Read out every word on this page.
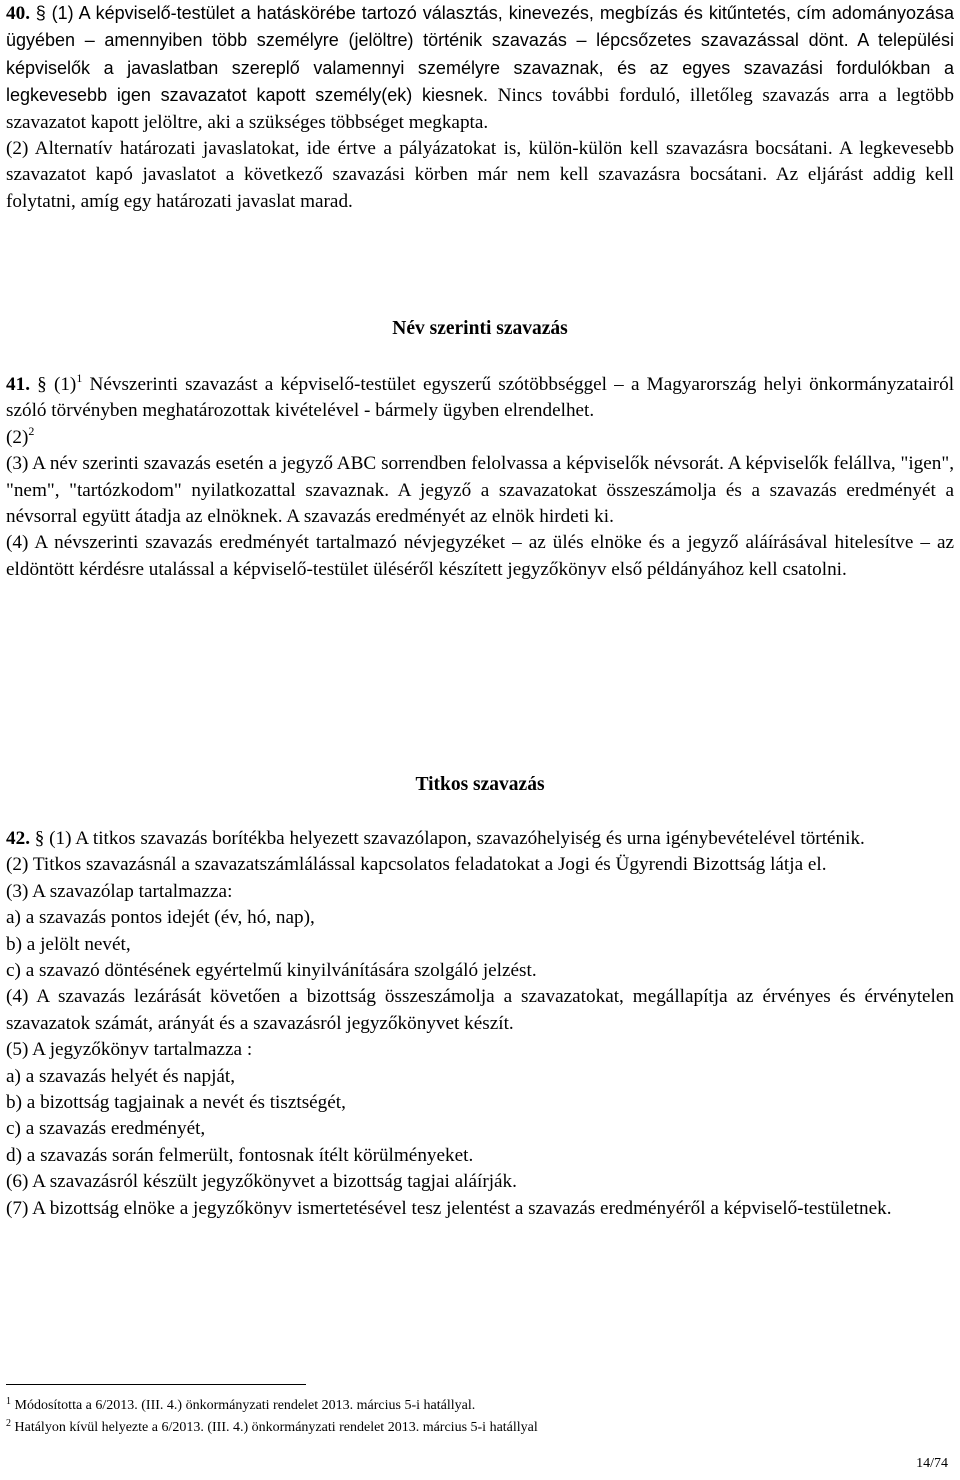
40. § (1) A képviselő-testület a hatáskörébe tartozó választás, kinevezés, megbízás és kitűntetés, cím adományozása ügyében – amennyiben több személyre (jelöltre) történik szavazás – lépcsőzetes szavazással dönt. A települési képviselők a javaslatban szereplő valamennyi személyre szavaznak, és az egyes szavazási fordulókban a legkevesebb igen szavazatot kapott személy(ek) kiesnek. Nincs további forduló, illetőleg szavazás arra a legtöbb szavazatot kapott jelöltre, aki a szükséges többséget megkapta.

(2) Alternatív határozati javaslatokat, ide értve a pályázatokat is, külön-külön kell szavazásra bocsátani. A legkevesebb szavazatot kapó javaslatot a következő szavazási körben már nem kell szavazásra bocsátani. Az eljárást addig kell folytatni, amíg egy határozati javaslat marad.

Név szerinti szavazás

41. § $(1)^1$ Névszerinti szavazást a képviselő-testület egyszerű szótöbbséggel – a Magyarország helyi önkormányzatairól szóló törvényben meghatározottak kivételével - bármely ügyben elrendelhet.

$(2)^2$

(3) A név szerinti szavazás esetén a jegyző ABC sorrendben felolvassa a képviselők névsorát. A képviselők felállva, "igen", "nem", "tartózkodom" nyilatkozattal szavaznak. A jegyző a szavazatokat összeszámolja és a szavazás eredményét a névsorral együtt átadja az elnöknek. A szavazás eredményét az elnök hirdeti ki.

(4) A névszerinti szavazás eredményét tartalmazó névjegyzéket – az ülés elnöke és a jegyző aláírásával hitelesítve – az eldöntött kérdésre utalással a képviselő-testület üléséről készített jegyzőkönyv első példányához kell csatolni.

Titkos szavazás

42. § (1) A titkos szavazás borítékba helyezett szavazólapon, szavazóhelyiség és urna igénybevételével történik.

(2) Titkos szavazásnál a szavazatszámlálással kapcsolatos feladatokat a Jogi és Ügyrendi Bizottság látja el.

(3) A szavazólap tartalmazza:

a) a szavazás pontos idejét (év, hó, nap),

b) a jelölt nevét,

c) a szavazó döntésének egyértelmű kinyilvánítására szolgáló jelzést.

(4) A szavazás lezárását követően a bizottság összeszámolja a szavazatokat, megállapítja az érvényes és érvénytelen szavazatok számát, arányát és a szavazásról jegyzőkönyvet készít.

(5) A jegyzőkönyv tartalmazza :

a) a szavazás helyét és napját,

b) a bizottság tagjainak a nevét és tisztségét,

c) a szavazás eredményét,

d) a szavazás során felmerült, fontosnak ítélt körülményeket.

(6) A szavazásról készült jegyzőkönyvet a bizottság tagjai aláírják.

(7) A bizottság elnöke a jegyzőkönyv ismertetésével tesz jelentést a szavazás eredményéről a képviselő-testületnek.

$^1$ Módosította a 6/2013. (III. 4.) önkormányzati rendelet 2013. március 5-i hatállyal.
$^2$ Hatályon kívül helyezte a 6/2013. (III. 4.) önkormányzati rendelet 2013. március 5-i hatállyal
14/74
